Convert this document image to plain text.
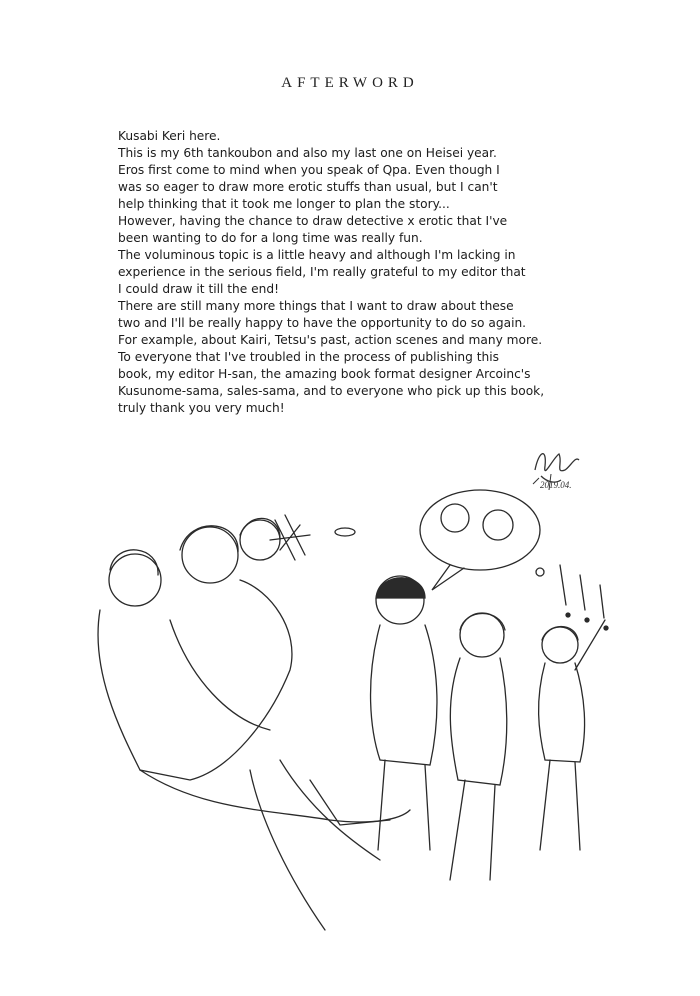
AFTERWORD

Kusabi Keri here.

This is my 6th tankoubon and also my last one on Heisei year.

Eros first come to mind when you speak of Qpa. Even though I

was so eager to draw more erotic stuffs than usual, but I can't

help thinking that it took me longer to plan the story...

However, having the chance to draw detective x erotic that I've

been wanting to do for a long time was really fun.

The voluminous topic is a little heavy and although I'm lacking in

experience in the serious field, I'm really grateful to my editor that

I could draw it till the end!

There are still many more things that I want to draw about these

two and I'll be really happy to have the opportunity to do so again.

For example, about Kairi, Tetsu's past, action scenes and many more.

To everyone that I've troubled in the process of publishing this

book, my editor H-san, the amazing book format designer Arcoinc's

Kusunome-sama, sales-sama, and to everyone who pick up this book,

truly thank you very much!

2019.04.
